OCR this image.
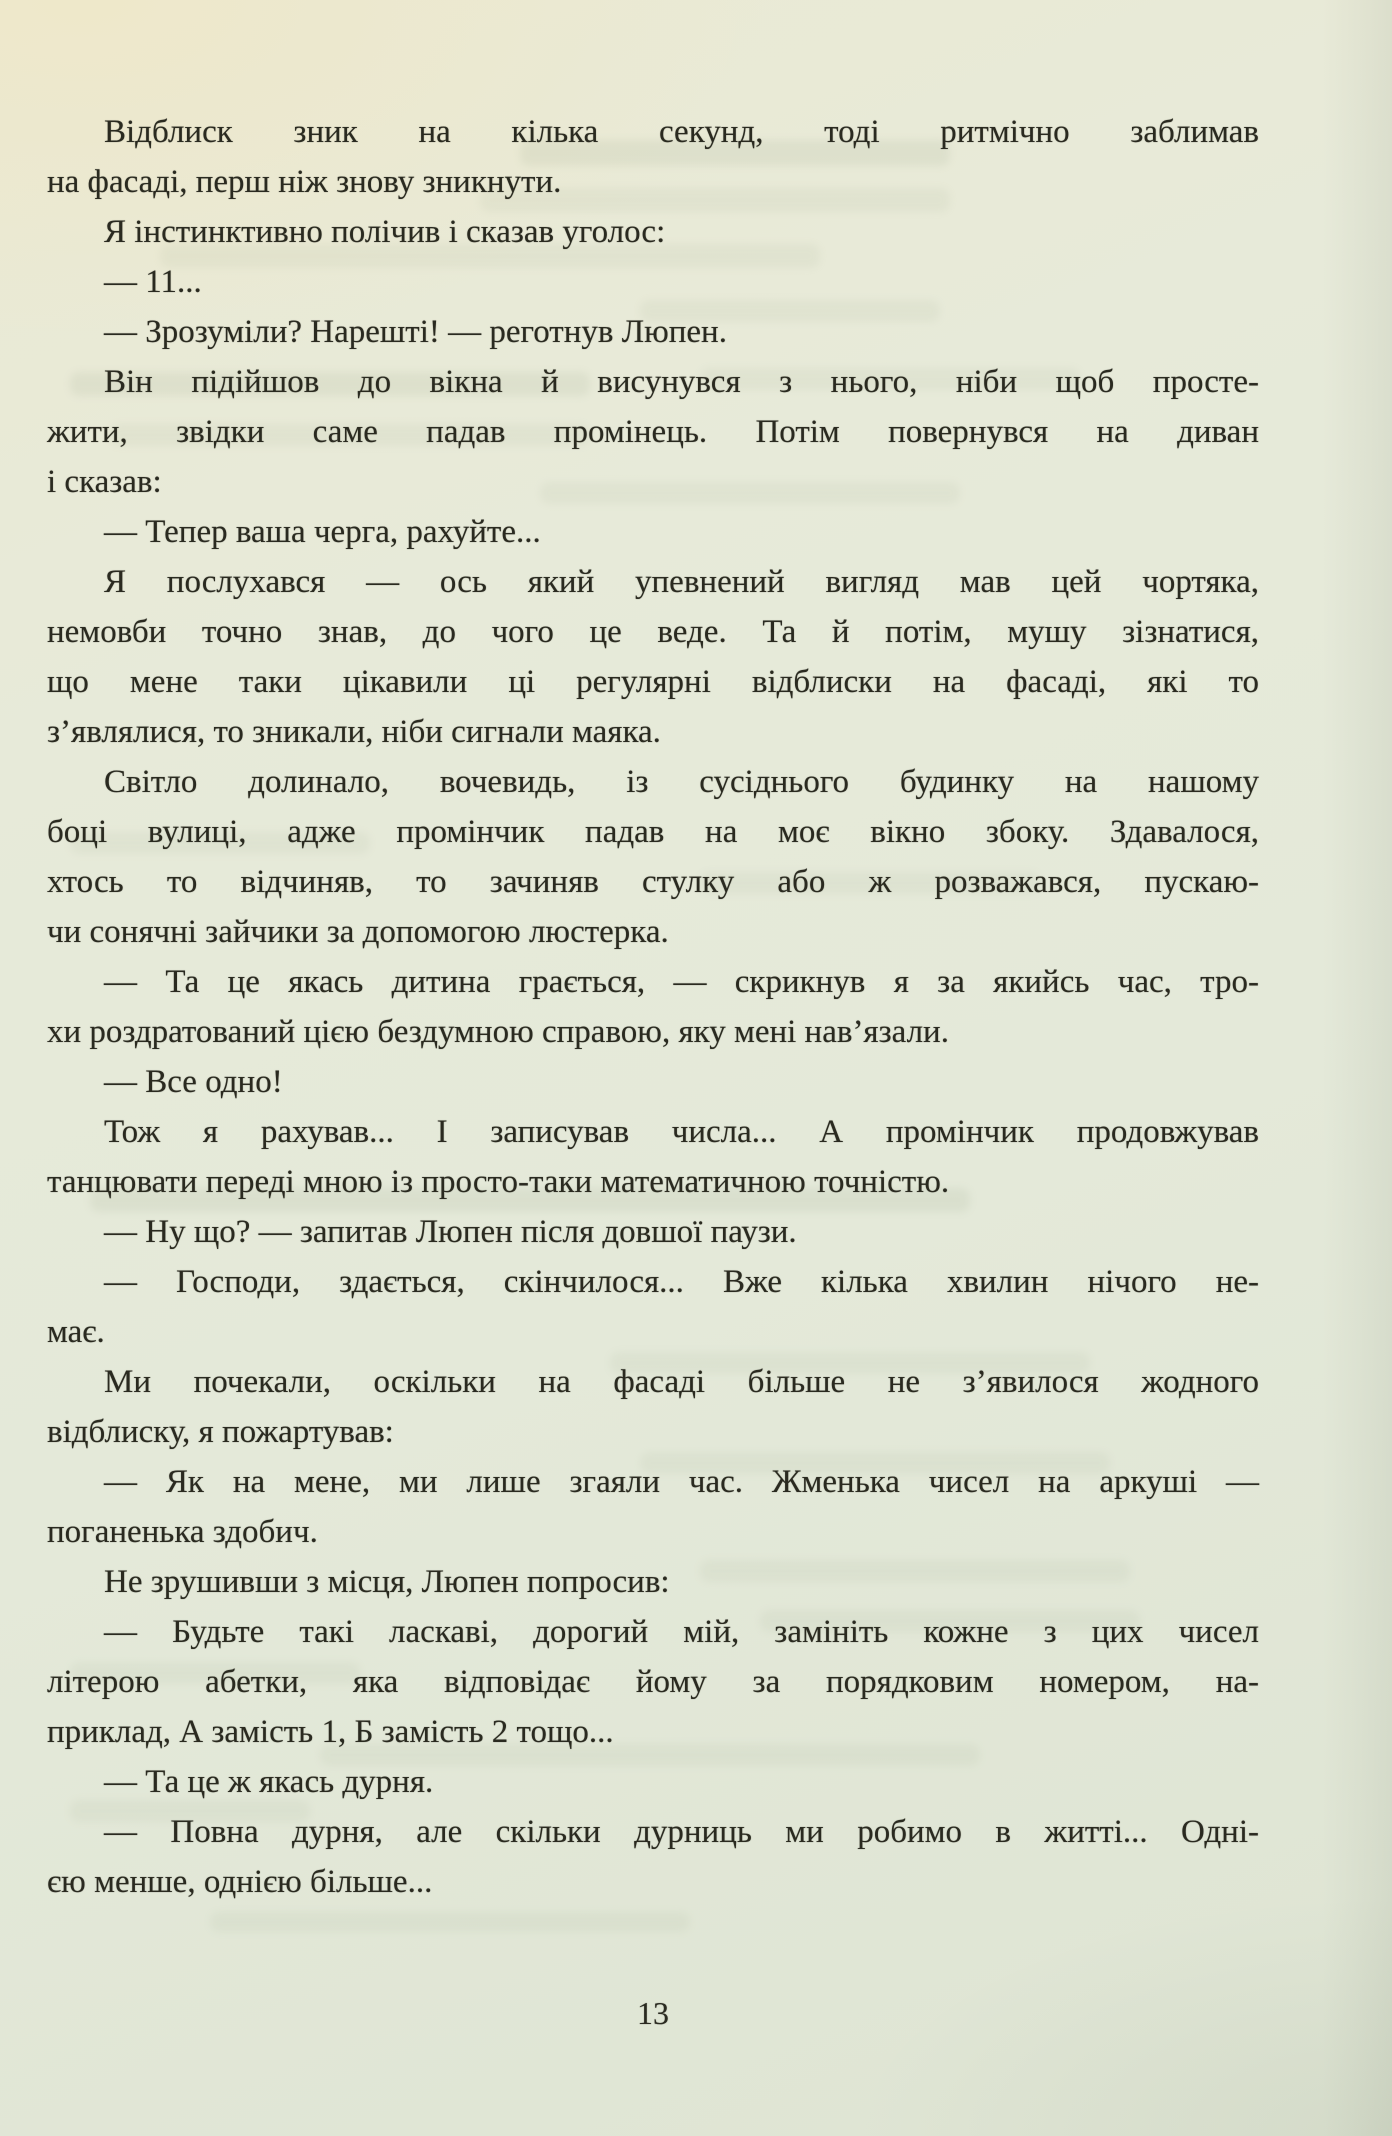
Відблиск зник на кілька секунд, тоді ритмічно заблимав
на фасаді, перш ніж знову зникнути.
Я інстинктивно полічив і сказав уголос:
— 11...
— Зрозуміли? Нарешті! — реготнув Люпен.
Він підійшов до вікна й висунувся з нього, ніби щоб просте-
жити, звідки саме падав промінець. Потім повернувся на диван
і сказав:
— Тепер ваша черга, рахуйте...
Я послухався — ось який упевнений вигляд мав цей чортяка,
немовби точно знав, до чого це веде. Та й потім, мушу зізнатися,
що мене таки цікавили ці регулярні відблиски на фасаді, які то
з’являлися, то зникали, ніби сигнали маяка.
Світло долинало, вочевидь, із сусіднього будинку на нашому
боці вулиці, адже промінчик падав на моє вікно збоку. Здавалося,
хтось то відчиняв, то зачиняв стулку або ж розважався, пускаю-
чи сонячні зайчики за допомогою люстерка.
— Та це якась дитина грається, — скрикнув я за якийсь час, тро-
хи роздратований цією бездумною справою, яку мені нав’язали.
— Все одно!
Тож я рахував... І записував числа... А промінчик продовжував
танцювати переді мною із просто-таки математичною точністю.
— Ну що? — запитав Люпен після довшої паузи.
— Господи, здається, скінчилося... Вже кілька хвилин нічого не-
має.
Ми почекали, оскільки на фасаді більше не з’явилося жодного
відблиску, я пожартував:
— Як на мене, ми лише згаяли час. Жменька чисел на аркуші —
поганенька здобич.
Не зрушивши з місця, Люпен попросив:
— Будьте такі ласкаві, дорогий мій, замініть кожне з цих чисел
літерою абетки, яка відповідає йому за порядковим номером, на-
приклад, А замість 1, Б замість 2 тощо...
— Та це ж якась дурня.
— Повна дурня, але скільки дурниць ми робимо в житті... Одні-
єю менше, однією більше...
13
